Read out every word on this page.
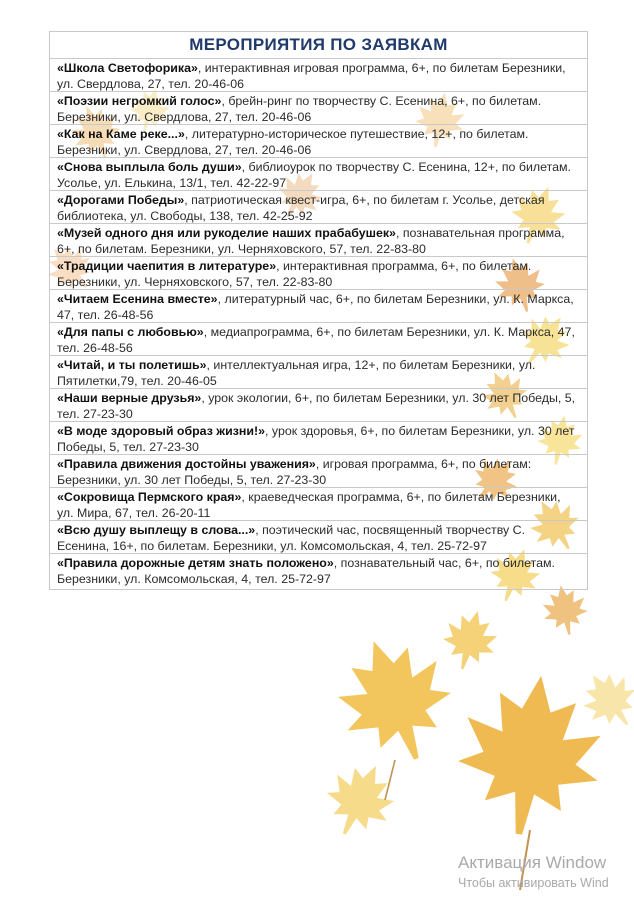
МЕРОПРИЯТИЯ ПО ЗАЯВКАМ
«Школа Светофорика», интерактивная игровая программа, 6+, по билетам Березники, ул. Свердлова, 27, тел. 20-46-06
«Поэзии негромкий голос», брейн-ринг по творчеству С. Есенина, 6+, по билетам. Березники, ул. Свердлова, 27, тел. 20-46-06
«Как на Каме реке...», литературно-историческое путешествие, 12+, по билетам. Березники, ул. Свердлова, 27, тел. 20-46-06
«Снова выплыла боль души», библиоурок по творчеству С. Есенина, 12+, по билетам. Усолье, ул. Елькина, 13/1, тел. 42-22-97
«Дорогами Победы», патриотическая квест-игра, 6+, по билетам г. Усолье, детская библиотека, ул. Свободы, 138, тел. 42-25-92
«Музей одного дня или рукоделие наших прабабушек», познавательная программа, 6+, по билетам. Березники, ул. Черняховского, 57, тел. 22-83-80
«Традиции чаепития в литературе», интерактивная программа, 6+, по билетам. Березники, ул. Черняховского, 57, тел. 22-83-80
«Читаем Есенина вместе», литературный час, 6+, по билетам Березники, ул. К. Маркса, 47, тел. 26-48-56
«Для папы с любовью», медиапрограмма, 6+, по билетам Березники, ул. К. Маркса, 47, тел. 26-48-56
«Читай, и ты полетишь», интеллектуальная игра, 12+, по билетам Березники, ул. Пятилетки,79, тел. 20-46-05
«Наши верные друзья», урок экологии, 6+, по билетам Березники, ул. 30 лет Победы, 5, тел. 27-23-30
«В моде здоровый образ жизни!», урок здоровья, 6+, по билетам Березники, ул. 30 лет Победы, 5, тел. 27-23-30
«Правила движения достойны уважения», игровая программа, 6+, по билетам: Березники, ул. 30 лет Победы, 5, тел. 27-23-30
«Сокровища Пермского края», краеведческая программа, 6+, по билетам Березники, ул. Мира, 67, тел. 26-20-11
«Всю душу выплещу в слова...», поэтический час, посвященный творчеству С. Есенина, 16+, по билетам. Березники, ул. Комсомольская, 4, тел. 25-72-97
«Правила дорожные детям знать положено», познавательный час, 6+, по билетам. Березники, ул. Комсомольская, 4, тел. 25-72-97
Активация Window
Чтобы активировать Wind
